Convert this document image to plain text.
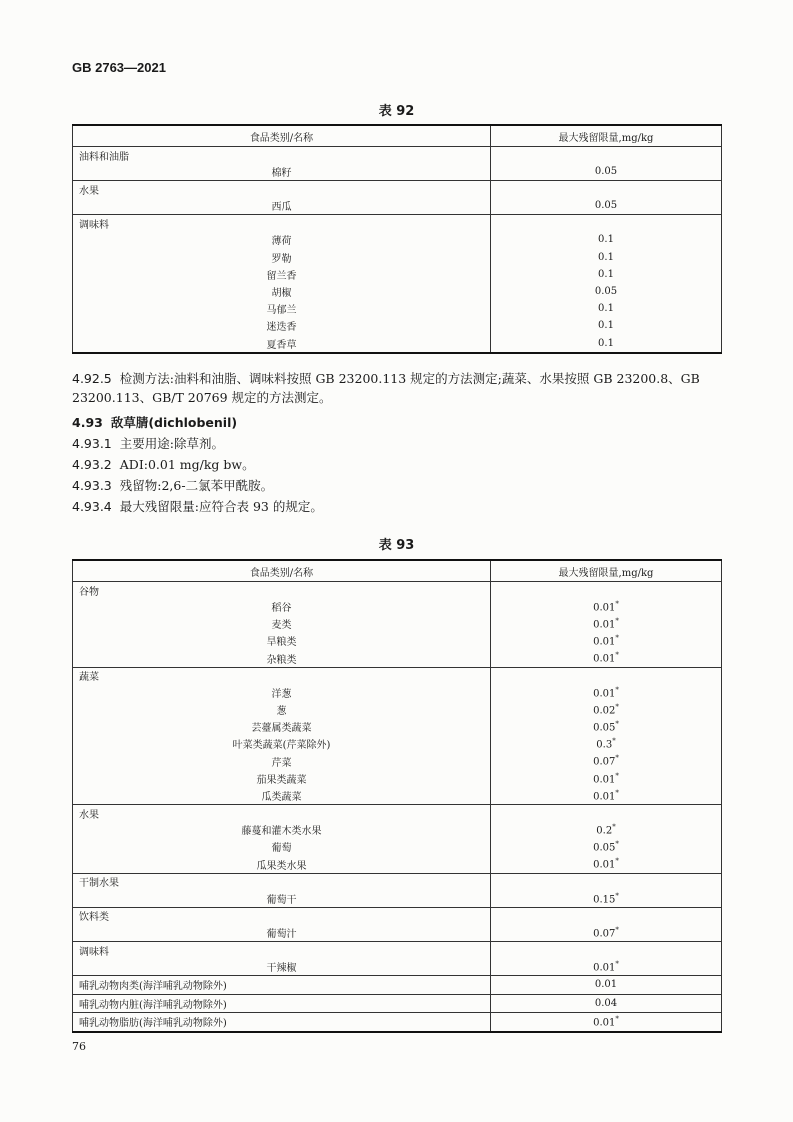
GB 2763—2021
表 92
食品类别/名称	最大残留限量,mg/kg
油料和油脂	
棉籽	0.05
水果	
西瓜	0.05
调味料	
薄荷	0.1
罗勒	0.1
留兰香	0.1
胡椒	0.05
马郁兰	0.1
迷迭香	0.1
夏香草	0.1

4.92.5 检测方法:油料和油脂、调味料按照 GB 23200.113 规定的方法测定;蔬菜、水果按照 GB 23200.8、GB 23200.113、GB/T 20769 规定的方法测定。

4.93 敌草腈(dichlobenil)

4.93.1 主要用途:除草剂。

4.93.2 ADI:0.01 mg/kg bw。

4.93.3 残留物:2,6-二氯苯甲酰胺。

4.93.4 最大残留限量:应符合表 93 的规定。

表 93
食品类别/名称	最大残留限量,mg/kg
谷物	
稻谷	0.01*
麦类	0.01*
旱粮类	0.01*
杂粮类	0.01*
蔬菜	
洋葱	0.01*
葱	0.02*
芸薹属类蔬菜	0.05*
叶菜类蔬菜(芹菜除外)	0.3*
芹菜	0.07*
茄果类蔬菜	0.01*
瓜类蔬菜	0.01*
水果	
藤蔓和灌木类水果	0.2*
葡萄	0.05*
瓜果类水果	0.01*
干制水果	
葡萄干	0.15*
饮料类	
葡萄汁	0.07*
调味料	
干辣椒	0.01*
哺乳动物肉类(海洋哺乳动物除外)	0.01
哺乳动物内脏(海洋哺乳动物除外)	0.04
哺乳动物脂肪(海洋哺乳动物除外)	0.01*
76
